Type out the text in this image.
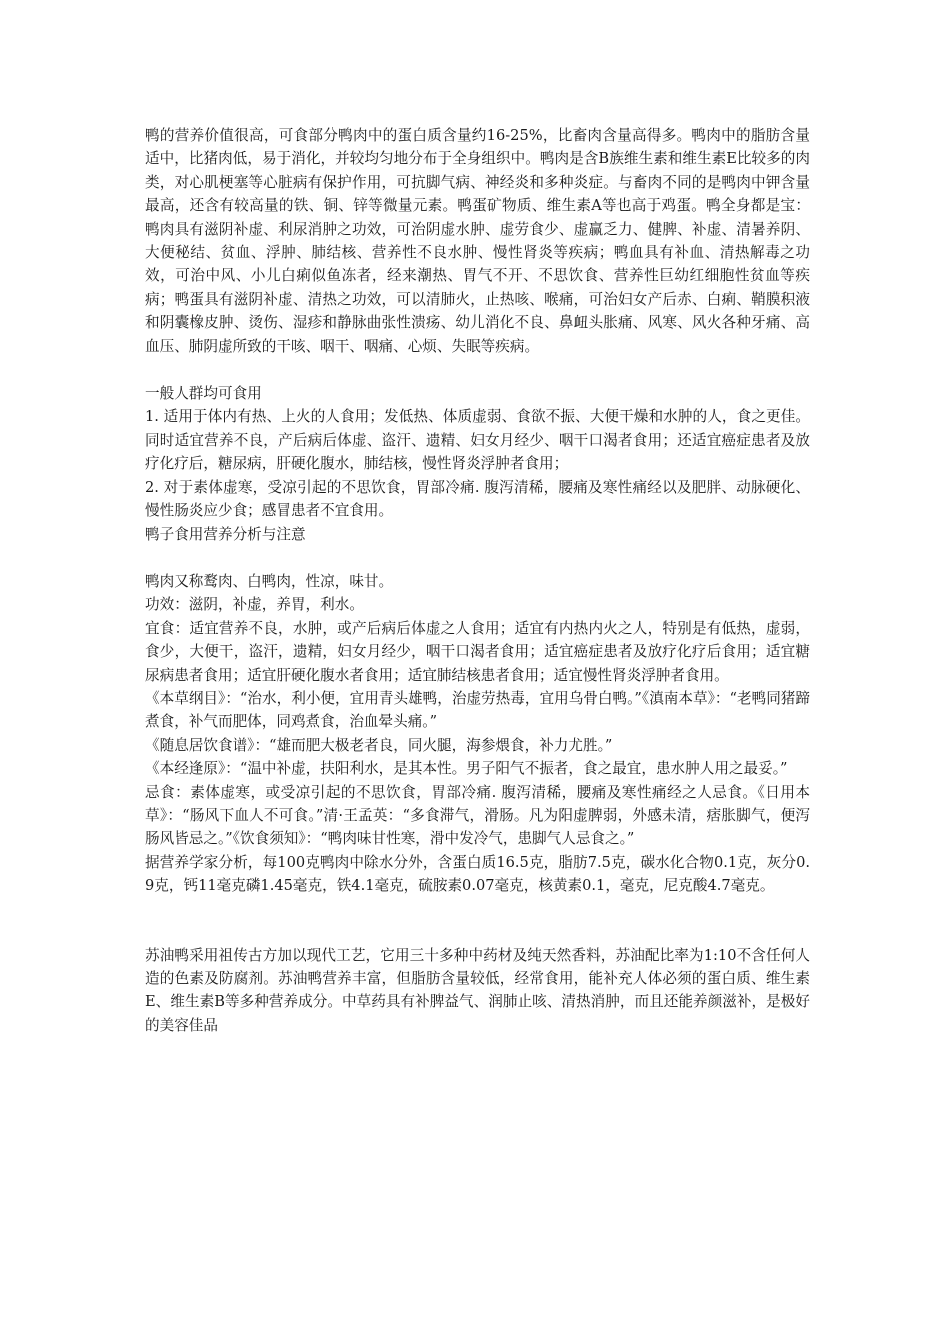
鸭的营养价值很高，可食部分鸭肉中的蛋白质含量约16-25%，比畜肉含量高得多。鸭肉中的脂肪含量适中，比猪肉低，易于消化，并较均匀地分布于全身组织中。鸭肉是含B族维生素和维生素E比较多的肉类，对心肌梗塞等心脏病有保护作用，可抗脚气病、神经炎和多种炎症。与畜肉不同的是鸭肉中钾含量最高，还含有较高量的铁、铜、锌等微量元素。鸭蛋矿物质、维生素A等也高于鸡蛋。鸭全身都是宝：鸭肉具有滋阴补虚、利尿消肿之功效，可治阴虚水肿、虚劳食少、虚赢乏力、健脾、补虚、清暑养阴、大便秘结、贫血、浮肿、肺结核、营养性不良水肿、慢性肾炎等疾病；鸭血具有补血、清热解毒之功效，可治中风、小儿白痢似鱼冻者，经来潮热、胃气不开、不思饮食、营养性巨幼红细胞性贫血等疾病；鸭蛋具有滋阴补虚、清热之功效，可以清肺火，止热咳、喉痛，可治妇女产后赤、白痢、鞘膜积液和阴囊橡皮肿、烫伤、湿疹和静脉曲张性溃疡、幼儿消化不良、鼻衄头胀痛、风寒、风火各种牙痛、高血压、肺阴虚所致的干咳、咽干、咽痛、心烦、失眠等疾病。

一般人群均可食用

1. 适用于体内有热、上火的人食用；发低热、体质虚弱、食欲不振、大便干燥和水肿的人，食之更佳。同时适宜营养不良，产后病后体虚、盗汗、遗精、妇女月经少、咽干口渴者食用；还适宜癌症患者及放疗化疗后，糖尿病，肝硬化腹水，肺结核，慢性肾炎浮肿者食用；

2. 对于素体虚寒，受凉引起的不思饮食，胃部冷痛. 腹泻清稀，腰痛及寒性痛经以及肥胖、动脉硬化、慢性肠炎应少食；感冒患者不宜食用。

鸭子食用营养分析与注意

鸭肉又称鹜肉、白鸭肉，性凉，味甘。

功效：滋阴，补虚，养胃，利水。

宜食：适宜营养不良，水肿，或产后病后体虚之人食用；适宜有内热内火之人，特别是有低热，虚弱，食少，大便干，盗汗，遗精，妇女月经少，咽干口渴者食用；适宜癌症患者及放疗化疗后食用；适宜糖尿病患者食用；适宜肝硬化腹水者食用；适宜肺结核患者食用；适宜慢性肾炎浮肿者食用。

《本草纲目》：“治水，利小便，宜用青头雄鸭，治虚劳热毒，宜用乌骨白鸭。”《滇南本草》：“老鸭同猪蹄煮食，补气而肥体，同鸡煮食，治血晕头痛。”

《随息居饮食谱》：“雄而肥大极老者良，同火腿，海参煨食，补力尤胜。”

《本经逢原》：“温中补虚，扶阳利水，是其本性。男子阳气不振者，食之最宜，患水肿人用之最妥。”

忌食：素体虚寒，或受凉引起的不思饮食，胃部冷痛. 腹泻清稀，腰痛及寒性痛经之人忌食。《日用本草》：“肠风下血人不可食。”清·王孟英：“多食滞气，滑肠。凡为阳虚脾弱，外感未清，痞胀脚气，便泻肠风皆忌之。”《饮食须知》：“鸭肉味甘性寒，滑中发冷气，患脚气人忌食之。”

据营养学家分析，每100克鸭肉中除水分外，含蛋白质16.5克，脂肪7.5克，碳水化合物0.1克，灰分0.9克，钙11毫克磷1.45毫克，铁4.1毫克，硫胺素0.07毫克，核黄素0.1，毫克，尼克酸4.7毫克。

苏油鸭采用祖传古方加以现代工艺，它用三十多种中药材及纯天然香料，苏油配比率为1:10不含任何人造的色素及防腐剂。苏油鸭营养丰富，但脂肪含量较低，经常食用，能补充人体必须的蛋白质、维生素E、维生素B等多种营养成分。中草药具有补脾益气、润肺止咳、清热消肿，而且还能养颜滋补，是极好的美容佳品
